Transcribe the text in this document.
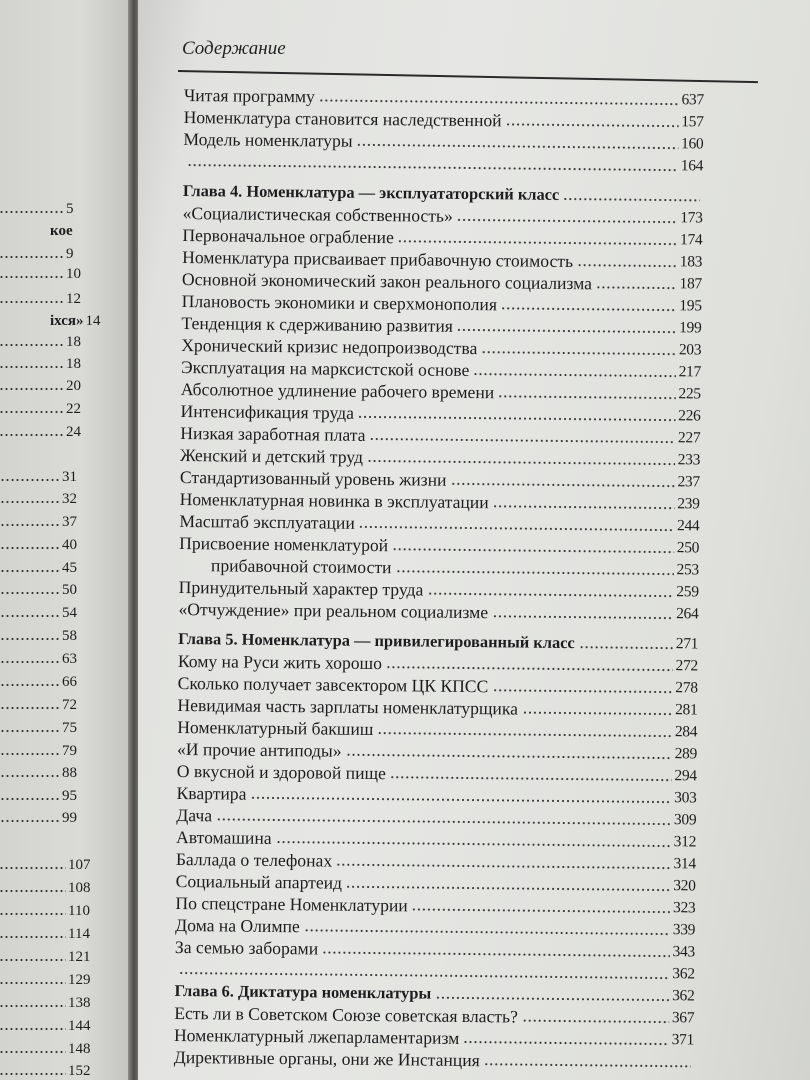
5
кое
9
10
12
іхся» 14
18
18
20
22
24
31
32
37
40
45
50
54
58
63
66
72
75
79
88
95
99
107
108
110
114
121
129
138
144
148
152
Содержание
Читая программу	637
Номенклатура становится наследственной	157
Модель номенклатуры	160
164
Глава 4. Номенклатура — эксплуататорский класс
«Социалистическая собственность»	173
Первоначальное ограбление	174
Номенклатура присваивает прибавочную стоимость	183
Основной экономический закон реального социализма	187
Плановость экономики и сверхмонополия	195
Тенденция к сдерживанию развития	199
Хронический кризис недопроизводства	203
Эксплуатация на марксистской основе	217
Абсолютное удлинение рабочего времени	225
Интенсификация труда	226
Низкая заработная плата	227
Женский и детский труд	233
Стандартизованный уровень жизни	237
Номенклатурная новинка в эксплуатации	239
Масштаб эксплуатации	244
Присвоение номенклатурой	250
прибавочной стоимости	253
Принудительный характер труда	259
«Отчуждение» при реальном социализме	264
Глава 5. Номенклатура — привилегированный класс	271
Кому на Руси жить хорошо	272
Сколько получает завсектором ЦК КПСС	278
Невидимая часть зарплаты номенклатурщика	281
Номенклатурный бакшиш	284
«И прочие антиподы»	289
О вкусной и здоровой пище	294
Квартира	303
Дача	309
Автомашина	312
Баллада о телефонах	314
Социальный апартеид	320
По спецстране Номенклатурии	323
Дома на Олимпе	339
За семью заборами	343
362
Глава 6. Диктатура номенклатуры	362
Есть ли в Советском Союзе советская власть?	367
Номенклатурный лжепарламентаризм	371
Директивные органы, они же Инстанция
